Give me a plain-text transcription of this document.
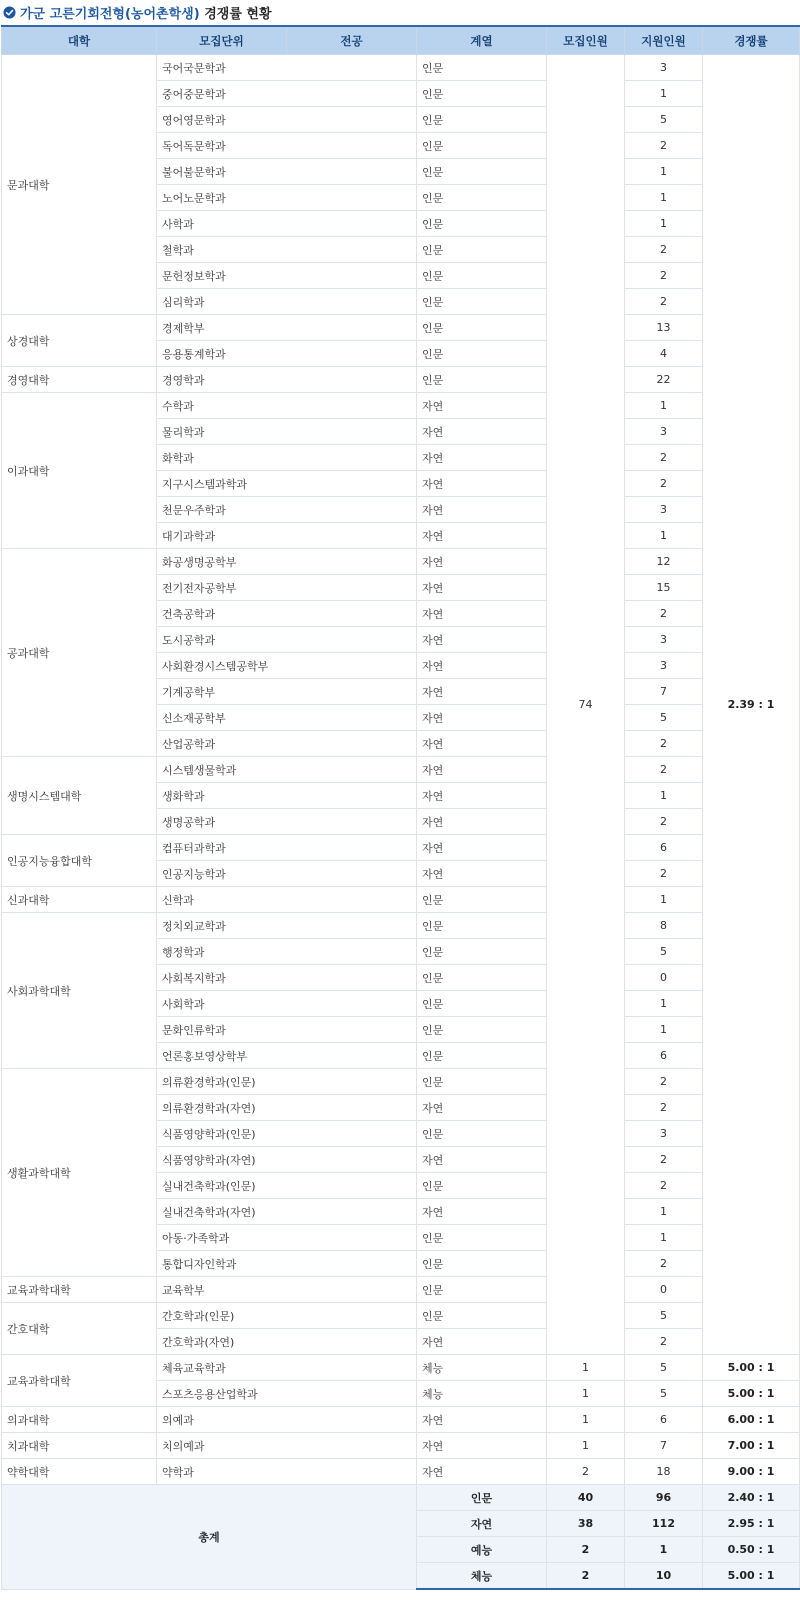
가군 고른기회전형(농어촌학생) 경쟁률 현황
대학	모집단위	전공	계열	모집인원	지원인원	경쟁률
문과대학	국어국문학과		인문	74	3	2.39 : 1
	중어중문학과		인문		1	
	영어영문학과		인문		5	
	독어독문학과		인문		2	
	불어불문학과		인문		1	
	노어노문학과		인문		1	
	사학과		인문		1	
	철학과		인문		2	
	문헌정보학과		인문		2	
	심리학과		인문		2	
상경대학	경제학부		인문		13	
	응용통계학과		인문		4	
경영대학	경영학과		인문		22	
이과대학	수학과		자연		1	
	물리학과		자연		3	
	화학과		자연		2	
	지구시스템과학과		자연		2	
	천문우주학과		자연		3	
	대기과학과		자연		1	
공과대학	화공생명공학부		자연		12	
	전기전자공학부		자연		15	
	건축공학과		자연		2	
	도시공학과		자연		3	
	사회환경시스템공학부		자연		3	
	기계공학부		자연		7	
	신소재공학부		자연		5	
	산업공학과		자연		2	
생명시스템대학	시스템생물학과		자연		2	
	생화학과		자연		1	
	생명공학과		자연		2	
인공지능융합대학	컴퓨터과학과		자연		6	
	인공지능학과		자연		2	
신과대학	신학과		인문		1	
사회과학대학	정치외교학과		인문		8	
	행정학과		인문		5	
	사회복지학과		인문		0	
	사회학과		인문		1	
	문화인류학과		인문		1	
	언론홍보영상학부		인문		6	
생활과학대학	의류환경학과(인문)		인문		2	
	의류환경학과(자연)		자연		2	
	식품영양학과(인문)		인문		3	
	식품영양학과(자연)		자연		2	
	실내건축학과(인문)		인문		2	
	실내건축학과(자연)		자연		1	
	아동·가족학과		인문		1	
	통합디자인학과		인문		2	
교육과학대학	교육학부		인문		0	
간호대학	간호학과(인문)		인문		5	
	간호학과(자연)		자연		2	
교육과학대학	체육교육학과		체능	1	5	5.00 : 1
	스포츠응용산업학과		체능	1	5	5.00 : 1
의과대학	의예과		자연	1	6	6.00 : 1
치과대학	치의예과		자연	1	7	7.00 : 1
약학대학	약학과		자연	2	18	9.00 : 1
총계			인문	40	96	2.40 : 1
			자연	38	112	2.95 : 1
			예능	2	1	0.50 : 1
			체능	2	10	5.00 : 1
